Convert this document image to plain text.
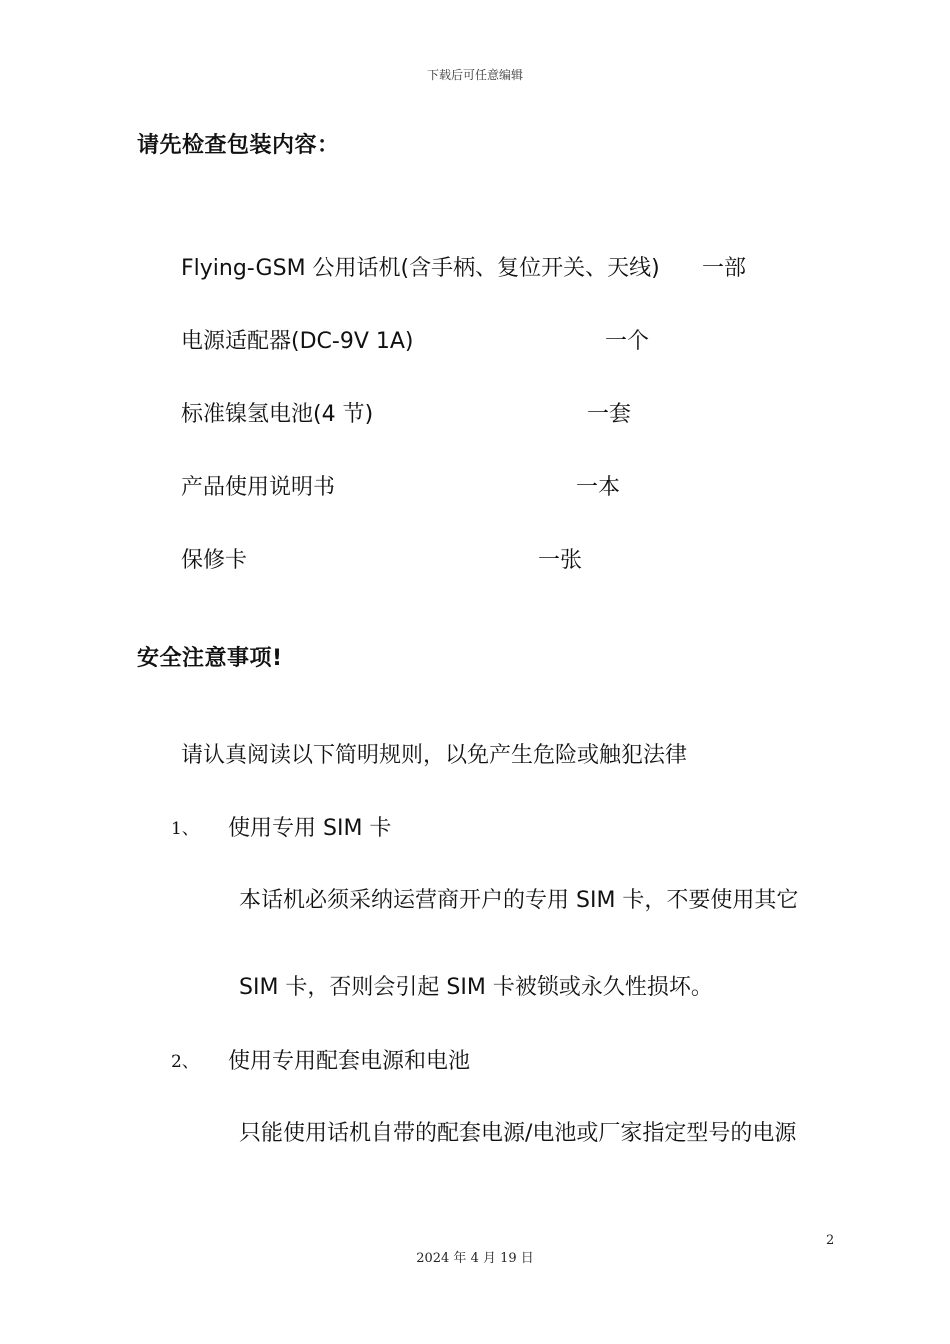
下载后可任意编辑
请先检查包装内容：
Flying-GSM 公用话机(含手柄、复位开关、天线) 一部
电源适配器(DC-9V 1A)	一个
标准镍氢电池(4 节)	一套
产品使用说明书	一本
保修卡	一张
安全注意事项!
请认真阅读以下简明规则，以免产生危险或触犯法律
1、 使用专用 SIM 卡
本话机必须采纳运营商开户的专用 SIM 卡，不要使用其它
SIM 卡，否则会引起 SIM 卡被锁或永久性损坏。
2、 使用专用配套电源和电池
只能使用话机自带的配套电源/电池或厂家指定型号的电源
2
2024 年 4 月 19 日
